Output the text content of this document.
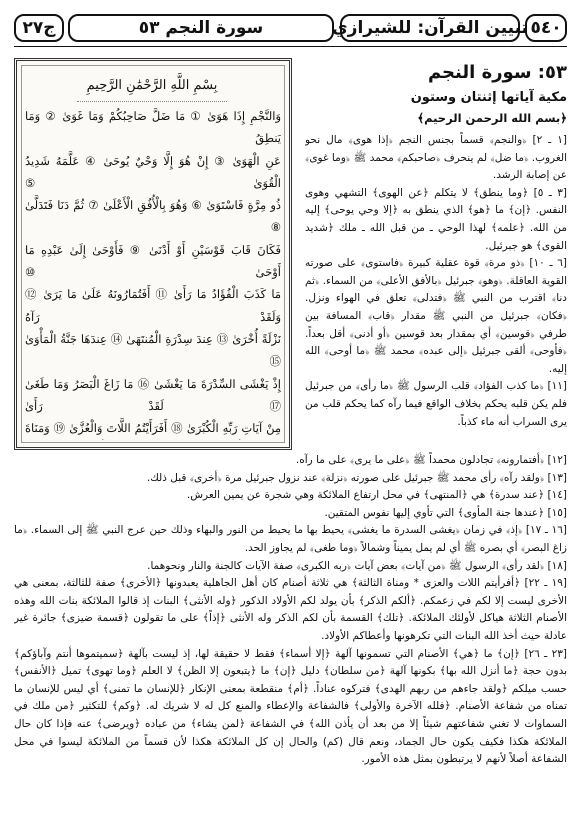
٥٤٠
تبيين القرآن: للشيرازي
سورة النجم ٥٣
ج٢٧
بِسْمِ اللَّهِ الرَّحْمَٰنِ الرَّحِيمِ
وَالنَّجْمِ إِذَا هَوَىٰ ① مَا ضَلَّ صَاحِبُكُمْ وَمَا غَوَىٰ ② وَمَا يَنطِقُ
عَنِ الْهَوَىٰ ③ إِنْ هُوَ إِلَّا وَحْيٌ يُوحَىٰ ④ عَلَّمَهُ شَدِيدُ الْقُوَىٰ ⑤
ذُو مِرَّةٍ فَاسْتَوَىٰ ⑥ وَهُوَ بِالْأُفُقِ الْأَعْلَىٰ ⑦ ثُمَّ دَنَا فَتَدَلَّىٰ ⑧
فَكَانَ قَابَ قَوْسَيْنِ أَوْ أَدْنَىٰ ⑨ فَأَوْحَىٰ إِلَىٰ عَبْدِهِ مَا أَوْحَىٰ ⑩
مَا كَذَبَ الْفُؤَادُ مَا رَأَىٰ ⑪ أَفَتُمَارُونَهُ عَلَىٰ مَا يَرَىٰ ⑫ وَلَقَدْ رَآهُ
نَزْلَةً أُخْرَىٰ ⑬ عِندَ سِدْرَةِ الْمُنتَهَىٰ ⑭ عِندَهَا جَنَّةُ الْمَأْوَىٰ ⑮
إِذْ يَغْشَى السِّدْرَةَ مَا يَغْشَىٰ ⑯ مَا زَاغَ الْبَصَرُ وَمَا طَغَىٰ ⑰ لَقَدْ رَأَىٰ
مِنْ آيَاتِ رَبِّهِ الْكُبْرَىٰ ⑱ أَفَرَأَيْتُمُ اللَّاتَ وَالْعُزَّىٰ ⑲ وَمَنَاةَ
٥٣: سورة النجم
مكية آياتها إثنتان وستون
﴿بسم الله الرحمن الرحيم﴾

[١ ـ ٢] ﴿والنجم﴾ قسماً بجنس النجم ﴿إذا هوى﴾ مال نحو الغروب. ﴿ما ضل﴾ لم ينحرف ﴿صاحبكم﴾ محمد ﷺ ﴿وما غوى﴾ عن إصابة الرشد.

[٣ ـ ٥] ﴿وما ينطق﴾ لا يتكلم ﴿عن الهوى﴾ التشهي وهوى النفس. ﴿إن﴾ ما ﴿هو﴾ الذي ينطق به ﴿إلا وحي يوحى﴾ إليه من الله. ﴿علمه﴾ لهذا الوحي ـ من قبل الله ـ ملك ﴿شديد القوى﴾ هو جبرئيل.

[٦ ـ ١٠] ﴿ذو مرة﴾ قوة عقلية كبيرة ﴿فاستوى﴾ على صورته القوية العاقلة. ﴿وهو﴾ جبرئيل ﴿بالأفق الأعلى﴾ من السماء. ﴿ثم دنا﴾ اقترب من النبي ﷺ ﴿فتدلى﴾ تعلق في الهواء ونزل. ﴿فكان﴾ جبرئيل من النبي ﷺ مقدار ﴿قاب﴾ المسافة بين طرفي ﴿قوسين﴾ أي بمقدار بعد قوسين ﴿أو أدنى﴾ أقل بعداً. ﴿فأوحى﴾ ألقى جبرئيل ﴿إلى عبده﴾ محمد ﷺ ﴿ما أوحى﴾ الله إليه.

[١١] ﴿ما كذب الفؤاد﴾ قلب الرسول ﷺ ﴿ما رأى﴾ من جبرئيل فلم يكن قلبه يحكم بخلاف الواقع فيما رآه كما يحكم قلب من يرى السراب أنه ماء كذباً.

[١٢] ﴿أفتمارونه﴾ تجادلون محمداً ﷺ ﴿على ما يرى﴾ على ما رآه.

[١٣] ﴿ولقد رآه﴾ رأى محمد ﷺ جبرئيل على صورته ﴿نزلة﴾ عند نزول جبرئيل مرة ﴿أخرى﴾ قبل ذلك.

[١٤] ﴿عند سدرة﴾ هي ﴿المنتهى﴾ في محل ارتفاع الملائكة وهي شجرة عن يمين العرش.

[١٥] ﴿عندها جنة المأوى﴾ التي تأوي إليها نفوس المتقين.

[١٦ ـ ١٧] ﴿إذ﴾ في زمان ﴿يغشى السدرة ما يغشى﴾ يحيط بها ما يحيط من النور والبهاء وذلك حين عرج النبي ﷺ إلى السماء. ﴿ما زاغ البصر﴾ أي بصره ﷺ أي لم يمل يميناً وشمالاً ﴿وما طغى﴾ لم يجاوز الحد.

[١٨] ﴿لقد رأى﴾ الرسول ﷺ ﴿من آيات﴾ بعض آيات ﴿ربه الكبرى﴾ صفة الآيات كالجنة والنار ونحوهما.

[١٩ ـ ٢٢] ﴿أفرأيتم اللات والعزى * ومناة الثالثة﴾ هي ثلاثة أصنام كان أهل الجاهلية يعبدونها ﴿الأخرى﴾ صفة للثالثة، بمعنى هي الأخرى ليست إلا لكم في زعمكم. ﴿ألكم الذكر﴾ بأن يولد لكم الأولاد الذكور ﴿وله الأنثى﴾ البنات إذ قالوا الملائكة بنات الله وهذه الأصنام الثلاثة هياكل لأولئك الملائكة. ﴿تلك﴾ القسمة بأن لكم الذكر وله الأنثى ﴿إذاً﴾ على ما تقولون ﴿قسمة ضيزى﴾ جائرة غير عادلة حيث أخذ الله البنات التي تكرهونها وأعطاكم الأولاد.

[٢٣ ـ ٢٦] ﴿إن﴾ ما ﴿هي﴾ الأصنام التي تسمونها آلهة ﴿إلا أسماء﴾ فقط لا حقيقة لها، إذ ليست بآلهة ﴿سميتموها أنتم وآباؤكم﴾ بدون حجة ﴿ما أنزل الله بها﴾ بكونها آلهة ﴿من سلطان﴾ دليل ﴿إن﴾ ما ﴿يتبعون إلا الظن﴾ لا العلم ﴿وما تهوى﴾ تميل ﴿الأنفس﴾ حسب ميلكم ﴿ولقد جاءهم من ربهم الهدى﴾ فتركوه عناداً. ﴿أم﴾ منقطعة بمعنى الإنكار ﴿للإنسان ما تمنى﴾ أي ليس للإنسان ما تمناه من شفاعة الأصنام. ﴿فلله الآخرة والأولى﴾ فالشفاعة والإعطاء والمنع كل له لا شريك له. ﴿وكم﴾ للتكثير ﴿من ملك في السماوات لا تغني شفاعتهم شيئاً إلا من بعد أن يأذن الله﴾ في الشفاعة ﴿لمن يشاء﴾ من عباده ﴿ويرضى﴾ عنه فإذا كان حال الملائكة هكذا فكيف يكون حال الجماد، ونعم قال (كم) والحال إن كل الملائكة هكذا لأن قسماً من الملائكة ليسوا في محل الشفاعة أصلاً لأنهم لا يرتبطون بمثل هذه الأمور.
